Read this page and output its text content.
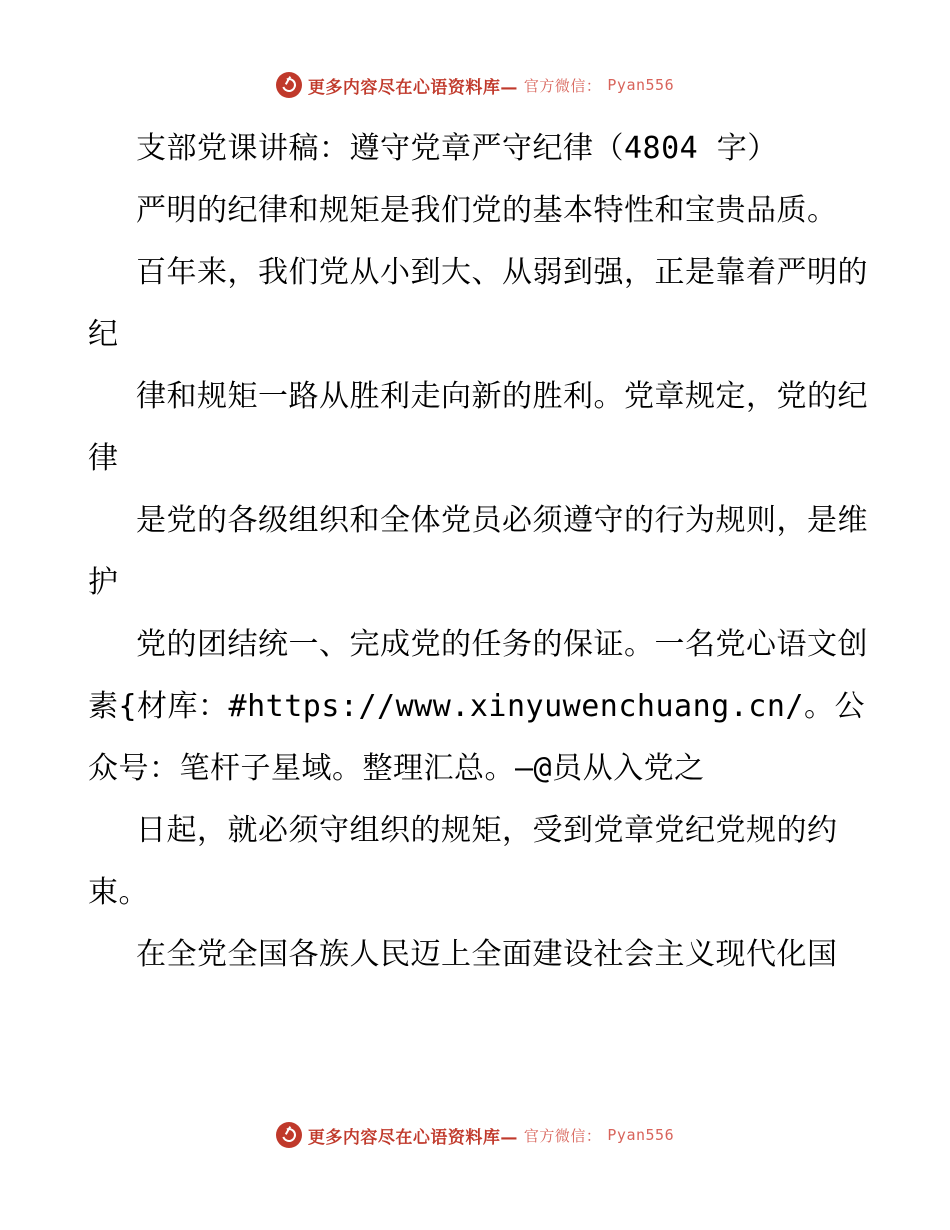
更多内容尽在心语资料库— 官方微信： Pyan556

支部党课讲稿：遵守党章严守纪律（4804 字）

严明的纪律和规矩是我们党的基本特性和宝贵品质。

百年来，我们党从小到大、从弱到强，正是靠着严明的纪

律和规矩一路从胜利走向新的胜利。党章规定，党的纪律

是党的各级组织和全体党员必须遵守的行为规则，是维护

党的团结统一、完成党的任务的保证。一名党心语文创素{材库：#https://www.xinyuwenchuang.cn/。公众号：笔杆子星域。整理汇总。—@员从入党之

日起，就必须守组织的规矩，受到党章党纪党规的约束。

在全党全国各族人民迈上全面建设社会主义现代化国

更多内容尽在心语资料库— 官方微信： Pyan556
